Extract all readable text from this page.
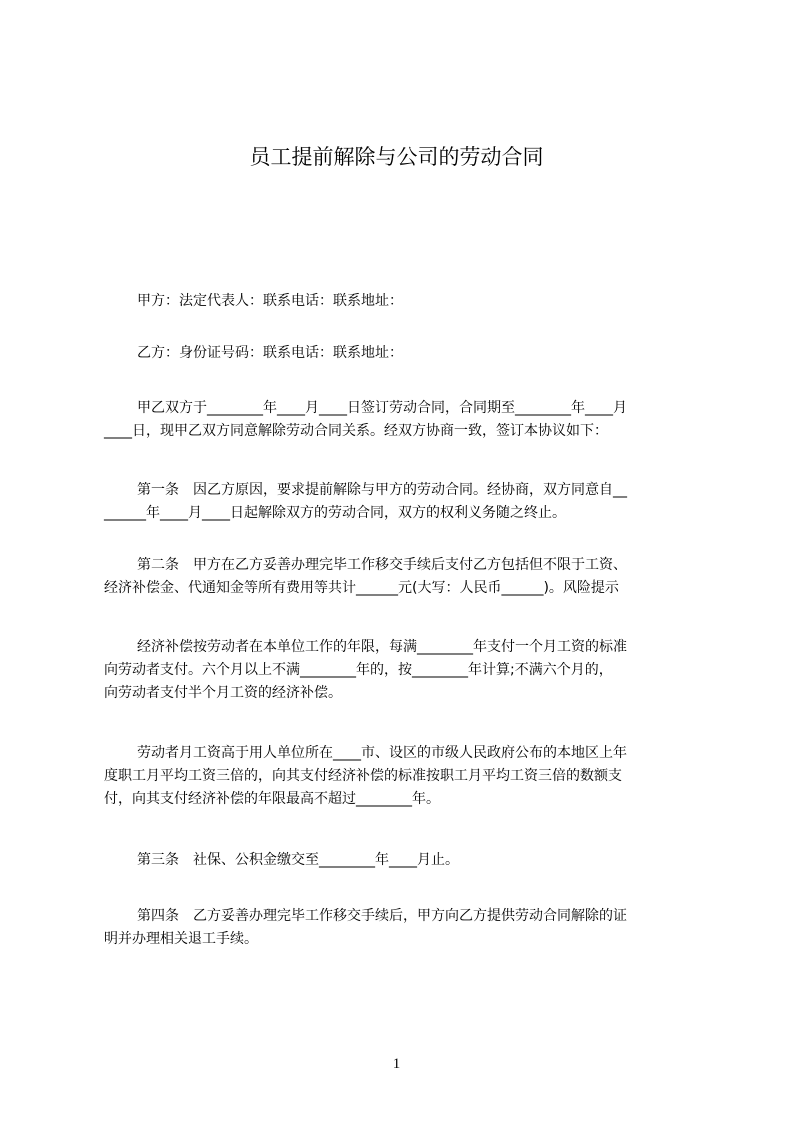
员工提前解除与公司的劳动合同

甲方：法定代表人：联系电话：联系地址：

乙方：身份证号码：联系电话：联系地址：

甲乙双方于________年____月____日签订劳动合同，合同期至________年____月
____日，现甲乙双方同意解除劳动合同关系。经双方协商一致，签订本协议如下：

第一条　因乙方原因，要求提前解除与甲方的劳动合同。经协商，双方同意自__
______年____月____日起解除双方的劳动合同，双方的权利义务随之终止。

第二条　甲方在乙方妥善办理完毕工作移交手续后支付乙方包括但不限于工资、
经济补偿金、代通知金等所有费用等共计______元(大写：人民币______)。风险提示

经济补偿按劳动者在本单位工作的年限，每满________年支付一个月工资的标准
向劳动者支付。六个月以上不满________年的，按________年计算;不满六个月的，
向劳动者支付半个月工资的经济补偿。

劳动者月工资高于用人单位所在____市、设区的市级人民政府公布的本地区上年
度职工月平均工资三倍的，向其支付经济补偿的标准按职工月平均工资三倍的数额支
付，向其支付经济补偿的年限最高不超过________年。

第三条　社保、公积金缴交至________年____月止。

第四条　乙方妥善办理完毕工作移交手续后，甲方向乙方提供劳动合同解除的证
明并办理相关退工手续。

1
